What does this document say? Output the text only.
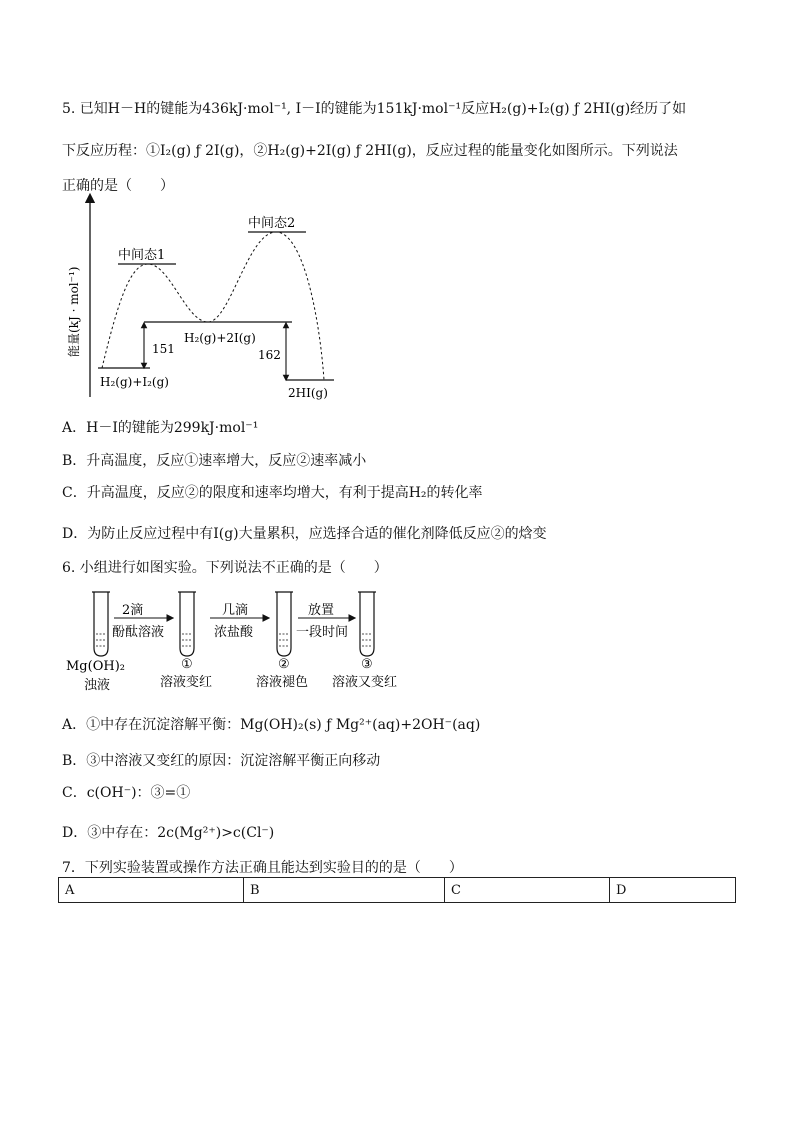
5. 已知H－H的键能为436kJ·mol⁻¹, I－I的键能为151kJ·mol⁻¹反应H₂(g)+I₂(g) ƒ 2HI(g)经历了如
下反应历程：①I₂(g) ƒ 2I(g)，②H₂(g)+2I(g) ƒ 2HI(g)，反应过程的能量变化如图所示。下列说法
正确的是（　　）
能量(kJ · mol⁻¹)
中间态1
中间态2
H₂(g)+2I(g)
151	162
H₂(g)+I₂(g)
2HI(g)
A．H－I的键能为299kJ·mol⁻¹
B．升高温度，反应①速率增大，反应②速率减小
C．升高温度，反应②的限度和速率均增大，有利于提高H₂的转化率
D．为防止反应过程中有I(g)大量累积，应选择合适的催化剂降低反应②的焓变
6. 小组进行如图实验。下列说法不正确的是（　　）
2滴
酚酞溶液
几滴
浓盐酸
放置
一段时间
Mg(OH)₂
浊液
①
溶液变红
②
溶液褪色
③
溶液又变红
A．①中存在沉淀溶解平衡：Mg(OH)₂(s) ƒ Mg²⁺(aq)+2OH⁻(aq)
B．③中溶液又变红的原因：沉淀溶解平衡正向移动
C．c(OH⁻)：③=①
D．③中存在：2c(Mg²⁺)>c(Cl⁻)
7．下列实验装置或操作方法正确且能达到实验目的的是（　　）
A	B	C	D
